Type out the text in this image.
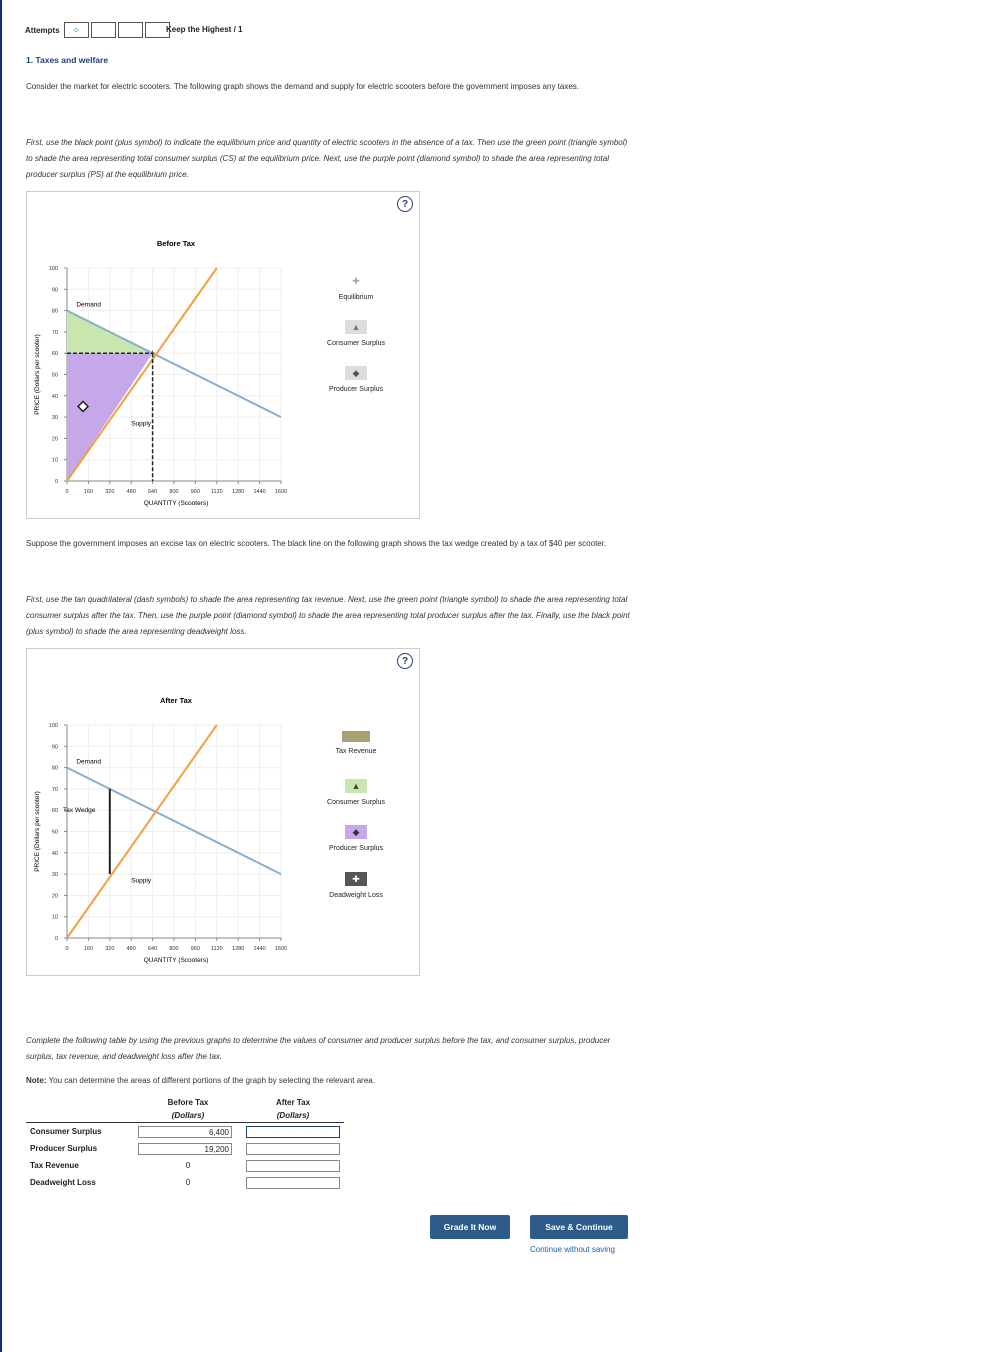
Attempts	⁘	Keep the Highest / 1
1. Taxes and welfare
Consider the market for electric scooters. The following graph shows the demand and supply for electric scooters before the government imposes any taxes.
First, use the black point (plus symbol) to indicate the equilibrium price and quantity of electric scooters in the absence of a tax. Then use the green point (triangle symbol) to shade the area representing total consumer surplus (CS) at the equilibrium price. Next, use the purple point (diamond symbol) to shade the area representing total producer surplus (PS) at the equilibrium price.
?
Before Tax
0
10
20
30
40
50
60
70
80
90
100
0	160 320 480 640 800 960 1120 1280 1440 1600
Demand
Supply
+
QUANTITY (Scooters)
PRICE (Dollars per scooter)
✚
Equilibrium
▲
Consumer Surplus
◆
Producer Surplus
Suppose the government imposes an excise tax on electric scooters. The black line on the following graph shows the tax wedge created by a tax of $40 per scooter.
First, use the tan quadrilateral (dash symbols) to shade the area representing tax revenue. Next, use the green point (triangle symbol) to shade the area representing total consumer surplus after the tax. Then, use the purple point (diamond symbol) to shade the area representing total producer surplus after the tax. Finally, use the black point (plus symbol) to shade the area representing deadweight loss.
?
After Tax
0
10
20
30
40
50
60
70
80
90
100
0	160 320 480 640 800 960 1120 1280 1440 1600
Demand
Supply
Tax Wedge
QUANTITY (Scooters)
PRICE (Dollars per scooter)
Tax Revenue
▲
Consumer Surplus
◆
Producer Surplus
✚
Deadweight Loss
Complete the following table by using the previous graphs to determine the values of consumer and producer surplus before the tax, and consumer surplus, producer surplus, tax revenue, and deadweight loss after the tax.
Note: You can determine the areas of different portions of the graph by selecting the relevant area.
	Before Tax	After Tax
	(Dollars)	(Dollars)
Consumer Surplus	6,400	

Producer Surplus	19,200	

Tax Revenue	0	

Deadweight Loss	0	
Grade It Now	Save & Continue
Continue without saving
